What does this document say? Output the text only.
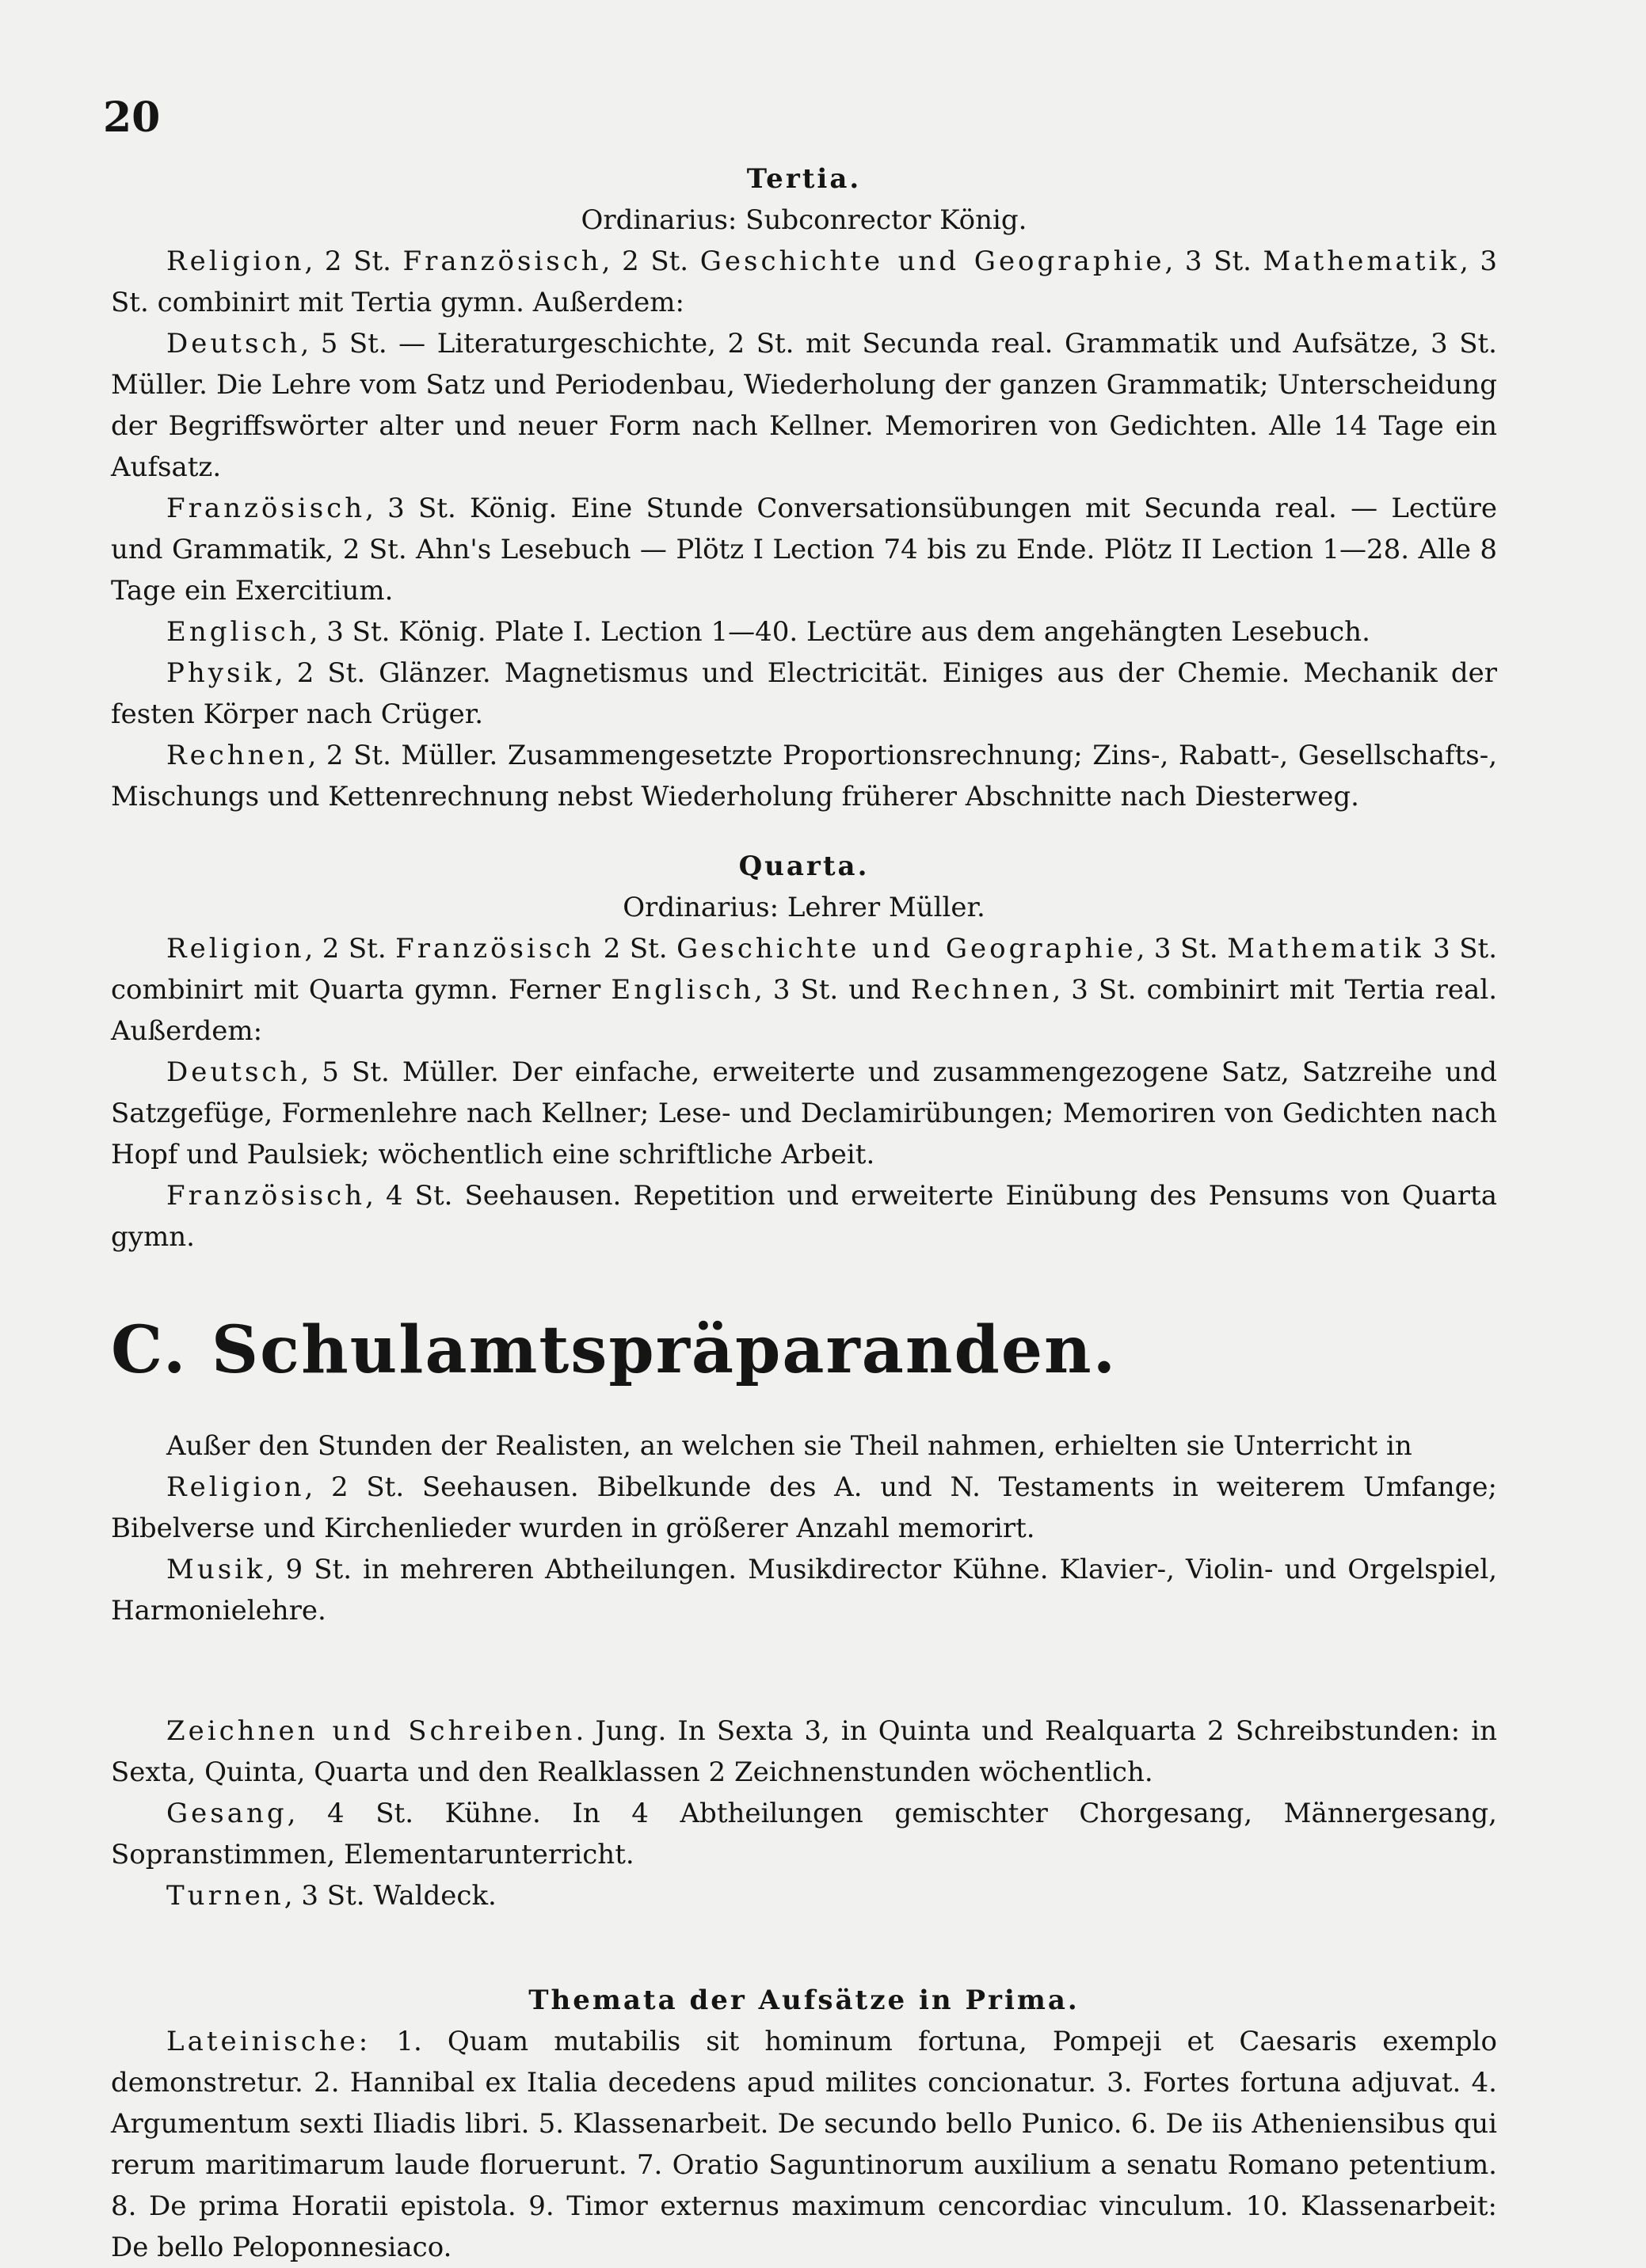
20

Tertia.

Ordinarius: Subconrector König.

Religion, 2 St. Französisch, 2 St. Geschichte und Geographie, 3 St. Mathematik, 3 St. combinirt mit Tertia gymn. Außerdem:

Deutsch, 5 St. — Literaturgeschichte, 2 St. mit Secunda real. Grammatik und Aufsätze, 3 St. Müller. Die Lehre vom Satz und Periodenbau, Wiederholung der ganzen Grammatik; Unterscheidung der Begriffswörter alter und neuer Form nach Kellner. Memoriren von Gedichten. Alle 14 Tage ein Aufsatz.

Französisch, 3 St. König. Eine Stunde Conversationsübungen mit Secunda real. — Lectüre und Grammatik, 2 St. Ahn's Lesebuch — Plötz I Lection 74 bis zu Ende. Plötz II Lection 1—28. Alle 8 Tage ein Exercitium.

Englisch, 3 St. König. Plate I. Lection 1—40. Lectüre aus dem angehängten Lesebuch.

Physik, 2 St. Glänzer. Magnetismus und Electricität. Einiges aus der Chemie. Mechanik der festen Körper nach Crüger.

Rechnen, 2 St. Müller. Zusammengesetzte Proportionsrechnung; Zins-, Rabatt-, Gesellschafts-, Mischungs und Kettenrechnung nebst Wiederholung früherer Abschnitte nach Diesterweg.

Quarta.

Ordinarius: Lehrer Müller.

Religion, 2 St. Französisch 2 St. Geschichte und Geographie, 3 St. Mathematik 3 St. combinirt mit Quarta gymn. Ferner Englisch, 3 St. und Rechnen, 3 St. combinirt mit Tertia real. Außerdem:

Deutsch, 5 St. Müller. Der einfache, erweiterte und zusammengezogene Satz, Satzreihe und Satzgefüge, Formenlehre nach Kellner; Lese- und Declamirübungen; Memoriren von Gedichten nach Hopf und Paulsiek; wöchentlich eine schriftliche Arbeit.

Französisch, 4 St. Seehausen. Repetition und erweiterte Einübung des Pensums von Quarta gymn.

C. Schulamtspräparanden.

Außer den Stunden der Realisten, an welchen sie Theil nahmen, erhielten sie Unterricht in

Religion, 2 St. Seehausen. Bibelkunde des A. und N. Testaments in weiterem Umfange; Bibelverse und Kirchenlieder wurden in größerer Anzahl memorirt.

Musik, 9 St. in mehreren Abtheilungen. Musikdirector Kühne. Klavier-, Violin- und Orgelspiel, Harmonielehre.

Zeichnen und Schreiben. Jung. In Sexta 3, in Quinta und Realquarta 2 Schreibstunden: in Sexta, Quinta, Quarta und den Realklassen 2 Zeichnenstunden wöchentlich.

Gesang, 4 St. Kühne. In 4 Abtheilungen gemischter Chorgesang, Männergesang, Sopranstimmen, Elementarunterricht.

Turnen, 3 St. Waldeck.

Themata der Aufsätze in Prima.

Lateinische: 1. Quam mutabilis sit hominum fortuna, Pompeji et Caesaris exemplo demonstretur. 2. Hannibal ex Italia decedens apud milites concionatur. 3. Fortes fortuna adjuvat. 4. Argumentum sexti Iliadis libri. 5. Klassenarbeit. De secundo bello Punico. 6. De iis Atheniensibus qui rerum maritimarum laude floruerunt. 7. Oratio Saguntinorum auxilium a senatu Romano petentium. 8. De prima Horatii epistola. 9. Timor externus maximum cencordiac vinculum. 10. Klassenarbeit: De bello Peloponnesiaco.
